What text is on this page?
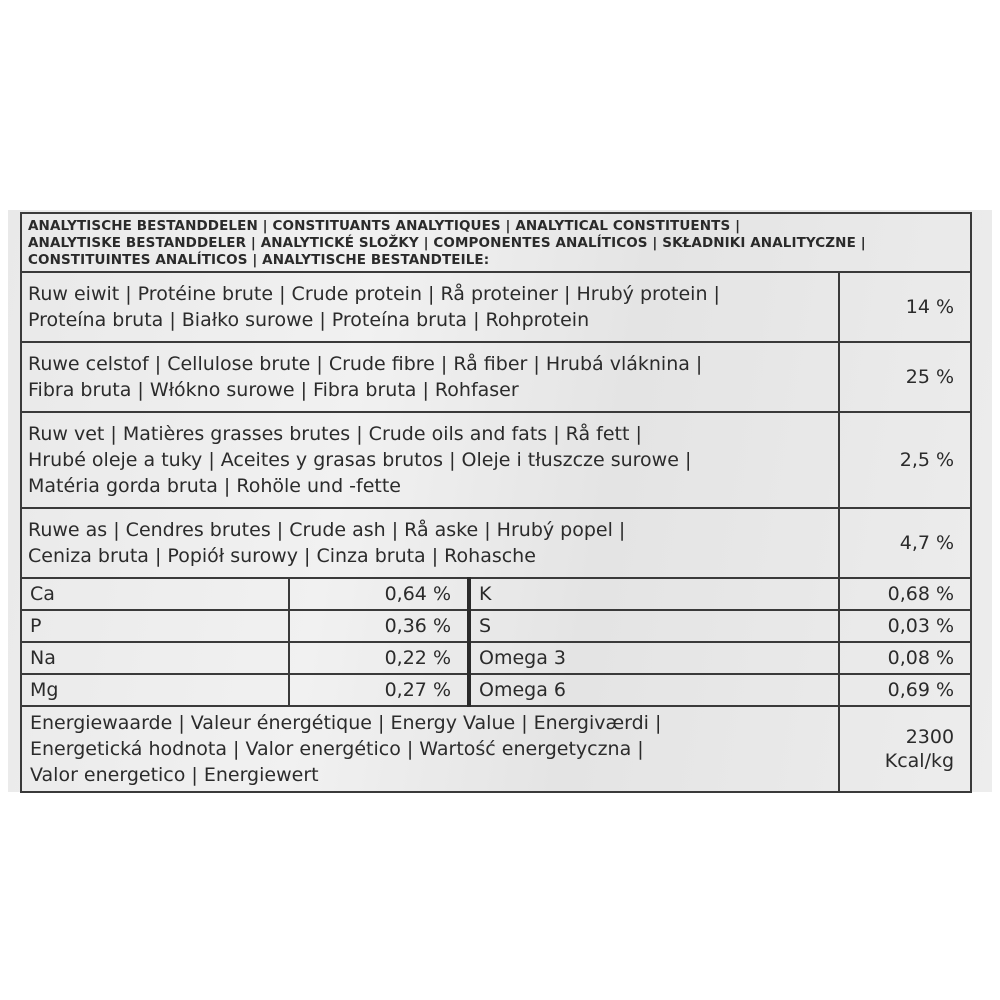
ANALYTISCHE BESTANDDELEN | CONSTITUANTS ANALYTIQUES | ANALYTICAL CONSTITUENTS |
ANALYTISKE BESTANDDELER | ANALYTICKÉ SLOŽKY | COMPONENTES ANALÍTICOS | SKŁADNIKI ANALITYCZNE |
CONSTITUINTES ANALÍTICOS | ANALYTISCHE BESTANDTEILE:			

Ruw eiwit | Protéine brute | Crude protein | Rå proteiner | Hrubý protein |
Proteína bruta | Białko surowe | Proteína bruta | Rohprotein			14 %

Ruwe celstof | Cellulose brute | Crude fibre | Rå fiber | Hrubá vláknina |
Fibra bruta | Włókno surowe | Fibra bruta | Rohfaser			25 %

Ruw vet | Matières grasses brutes | Crude oils and fats | Rå fett |
Hrubé oleje a tuky | Aceites y grasas brutos | Oleje i tłuszcze surowe |
Matéria gorda bruta | Rohöle und -fette			2,5 %

Ruwe as | Cendres brutes | Crude ash | Rå aske | Hrubý popel |
Ceniza bruta | Popiół surowy | Cinza bruta | Rohasche			4,7 %
Ca	0,64 %	K	0,68 %
P	0,36 %	S	0,03 %
Na	0,22 %	Omega 3	0,08 %
Mg	0,27 %	Omega 6	0,69 %

Energiewaarde | Valeur énergétique | Energy Value | Energiværdi |
Energetická hodnota | Valor energético | Wartość energetyczna |
Valor energetico | Energiewert			2300
Kcal/kg
